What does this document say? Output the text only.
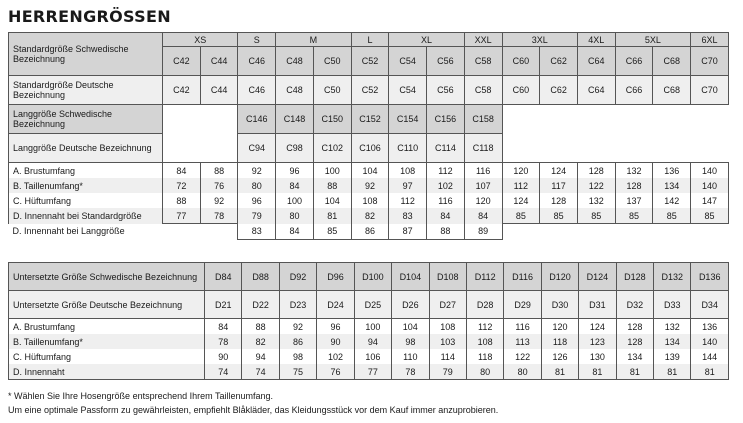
HERRENGRÖSSEN
Standardgröße Schwedische Bezeichnung	XS		S	M		L	XL		XXL	3XL		4XL	5XL		6XL
	C42	C44	C46	C48	C50	C52	C54	C56	C58	C60	C62	C64	C66	C68	C70
Standardgröße Deutsche Bezeichnung	C42	C44	C46	C48	C50	C52	C54	C56	C58	C60	C62	C64	C66	C68	C70
Langgröße Schwedische Bezeichnung			C146	C148	C150	C152	C154	C156	C158						
Langgröße Deutsche Bezeichnung			C94	C98	C102	C106	C110	C114	C118						
A. Brustumfang	84	88	92	96	100	104	108	112	116	120	124	128	132	136	140
B. Taillenumfang*	72	76	80	84	88	92	97	102	107	112	117	122	128	134	140
C. Hüftumfang	88	92	96	100	104	108	112	116	120	124	128	132	137	142	147
D. Innennaht bei Standardgröße	77	78	79	80	81	82	83	84	84	85	85	85	85	85	85
D. Innennaht bei Langgröße			83	84	85	86	87	88	89						
Untersetzte Größe Schwedische Bezeichnung	D84	D88	D92	D96	D100	D104	D108	D112	D116	D120	D124	D128	D132	D136
Untersetzte Größe Deutsche Bezeichnung	D21	D22	D23	D24	D25	D26	D27	D28	D29	D30	D31	D32	D33	D34
A. Brustumfang	84	88	92	96	100	104	108	112	116	120	124	128	132	136
B. Taillenumfang*	78	82	86	90	94	98	103	108	113	118	123	128	134	140
C. Hüftumfang	90	94	98	102	106	110	114	118	122	126	130	134	139	144
D. Innennaht	74	74	75	76	77	78	79	80	80	81	81	81	81	81
* Wählen Sie Ihre Hosengröße entsprechend Ihrem Taillenumfang.
Um eine optimale Passform zu gewährleisten, empfiehlt Blåkläder, das Kleidungsstück vor dem Kauf immer anzuprobieren.
